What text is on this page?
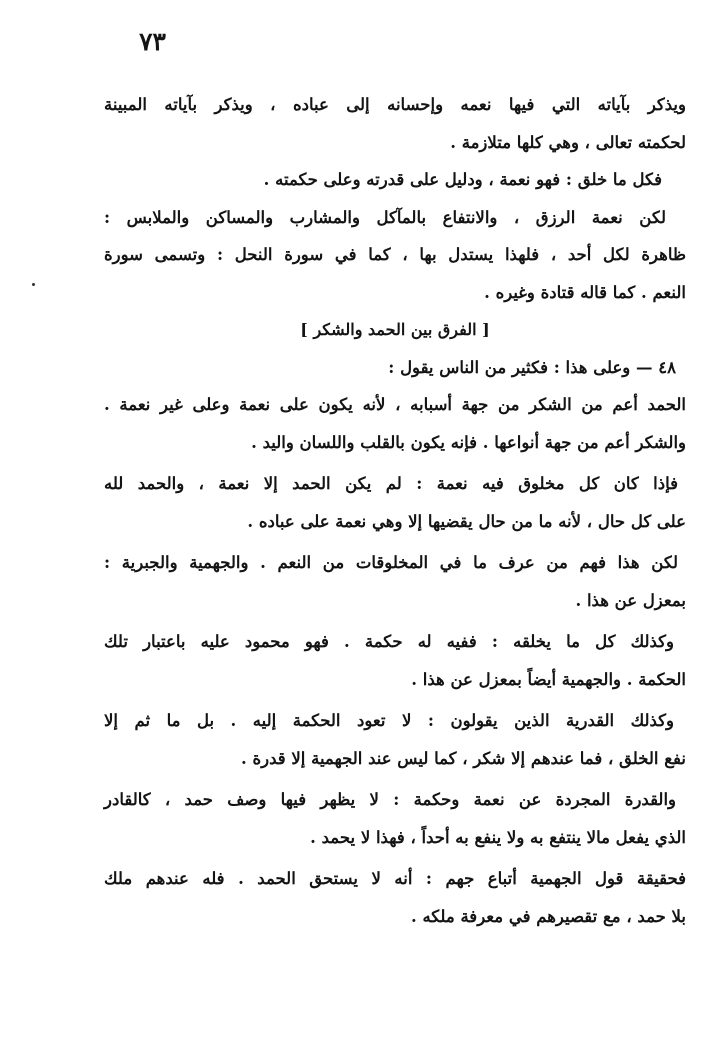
٧٣
ويذكر بآياته التي فيها نعمه وإحسانه إلى عباده ، ويذكر بآياته المبينة
لحكمته تعالى ، وهي كلها متلازمة .
فكل ما خلق : فهو نعمة ، ودليل على قدرته وعلى حكمته .
لكن نعمة الرزق ، والانتفاع بالمآكل والمشارب والمساكن والملابس :
ظاهرة لكل أحد ، فلهذا يستدل بها ، كما في سورة النحل : وتسمى سورة
النعم . كما قاله قتادة وغيره .
[ الفرق بين الحمد والشكر ]
٤٨ — وعلى هذا : فكثير من الناس يقول :
الحمد أعم من الشكر من جهة أسبابه ، لأنه يكون على نعمة وعلى غير نعمة .
والشكر أعم من جهة أنواعها . فإنه يكون بالقلب واللسان واليد .
فإذا كان كل مخلوق فيه نعمة : لم يكن الحمد إلا نعمة ، والحمد لله
على كل حال ، لأنه ما من حال يقضيها إلا وهي نعمة على عباده .
لكن هذا فهم من عرف ما في المخلوقات من النعم . والجهمية والجبرية :
بمعزل عن هذا .
وكذلك كل ما يخلقه : ففيه له حكمة . فهو محمود عليه باعتبار تلك
الحكمة . والجهمية أيضاً بمعزل عن هذا .
وكذلك القدرية الذين يقولون : لا تعود الحكمة إليه . بل ما ثم إلا
نفع الخلق ، فما عندهم إلا شكر ، كما ليس عند الجهمية إلا قدرة .
والقدرة المجردة عن نعمة وحكمة : لا يظهر فيها وصف حمد ، كالقادر
الذي يفعل مالا ينتفع به ولا ينفع به أحداً ، فهذا لا يحمد .
فحقيقة قول الجهمية أتباع جهم : أنه لا يستحق الحمد . فله عندهم ملك
بلا حمد ، مع تقصيرهم في معرفة ملكه .
